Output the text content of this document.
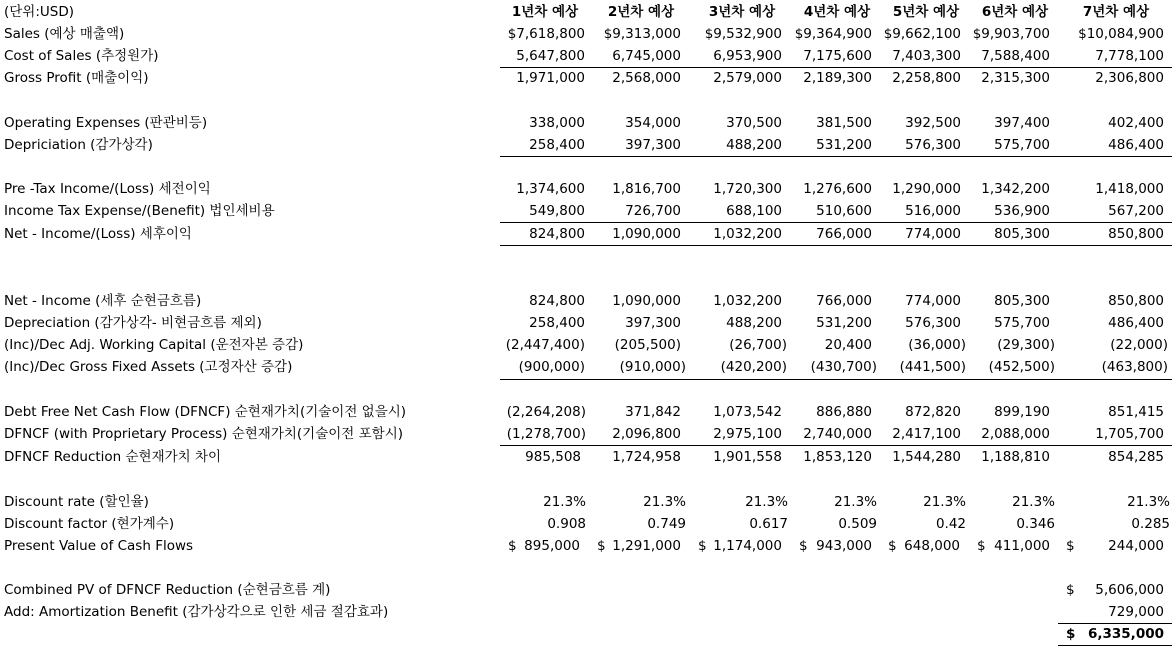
(단위:USD)	1년차 예상	2년차 예상	3년차 예상	4년차 예상	5년차 예상	6년차 예상	7년차 예상
Sales (예상 매출액)	$7,618,800 $9,313,000 $9,532,900 $9,364,900 $9,662,100 $9,903,700 $10,084,900
Cost of Sales (추정원가)	5,647,800 6,745,000 6,953,900 7,175,600 7,403,300 7,588,400	7,778,100
Gross Profit (매출이익)	1,971,000 2,568,000 2,579,000 2,189,300 2,258,800 2,315,300	2,306,800
Operating Expenses (판관비등)	338,000	354,000	370,500	381,500 392,500 397,400	402,400
Depriciation (감가상각)	258,400	397,300	488,200	531,200 576,300 575,700	486,400
Pre -Tax Income/(Loss) 세전이익	1,374,600 1,816,700 1,720,300 1,276,600 1,290,000 1,342,200	1,418,000
Income Tax Expense/(Benefit) 법인세비용	549,800	726,700	688,100	510,600 516,000 536,900	567,200
Net - Income/(Loss) 세후이익	824,800 1,090,000 1,032,200	766,000 774,000 805,300	850,800
Net - Income (세후 순현금흐름)	824,800 1,090,000 1,032,200	766,000 774,000 805,300	850,800
Depreciation (감가상각- 비현금흐름 제외)	258,400	397,300	488,200	531,200 576,300 575,700	486,400
(Inc)/Dec Adj. Working Capital (운전자본 증감)	(2,447,400) (205,500)	(26,700)	20,400	(36,000) (29,300)	(22,000)
(Inc)/Dec Gross Fixed Assets (고정자산 증감)	(900,000)	(910,000)	(420,200) (430,700) (441,500) (452,500)	(463,800)
Debt Free Net Cash Flow (DFNCF) 순현재가치(기술이전 없을시)	(2,264,208)	371,842 1,073,542	886,880 872,820 899,190	851,415
DFNCF (with Proprietary Process) 순현재가치(기술이전 포함시)	(1,278,700) 2,096,800 2,975,100 2,740,000 2,417,100 2,088,000	1,705,700
DFNCF Reduction 순현재가치 차이	985,508 1,724,958 1,901,558 1,853,120 1,544,280 1,188,810	854,285
Discount rate (할인율)	21.3%	21.3%	21.3%	21.3%	21.3%	21.3%	21.3%
Discount factor (현가계수)	0.908	0.749	0.617	0.509	0.42	0.346	0.285
Present Value of Cash Flows	$ 895,000 $ 1,291,000 $ 1,174,000 $ 943,000 $ 648,000 $ 411,000 $ 244,000
Combined PV of DFNCF Reduction (순현금흐름 계)	$ 5,606,000
Add: Amortization Benefit (감가상각으로 인한 세금 절감효과)	729,000
$ 6,335,000
